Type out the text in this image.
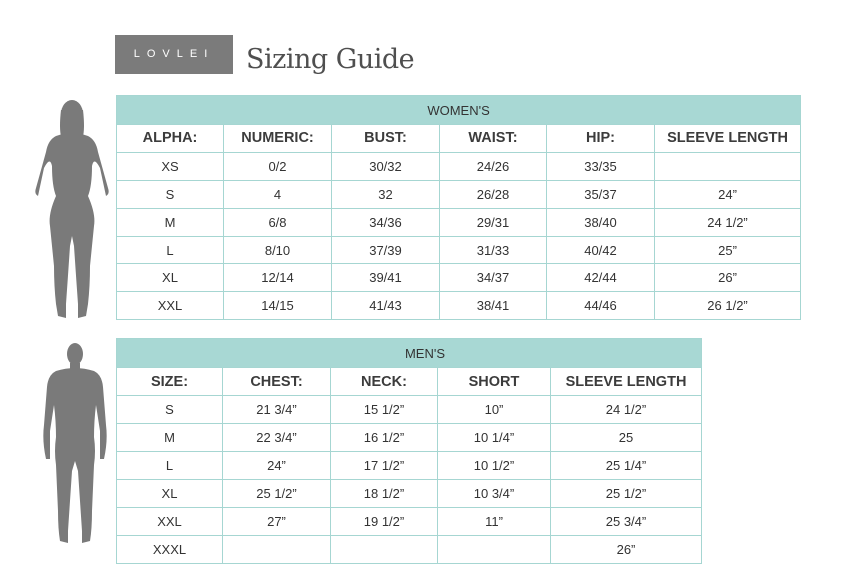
LOVLEI	Sizing Guide
WOMEN'S					
ALPHA:	NUMERIC:	BUST:	WAIST:	HIP:	SLEEVE LENGTH
XS	0/2	30/32	24/26	33/35	
S	4	32	26/28	35/37	24”
M	6/8	34/36	29/31	38/40	24 1/2”
L	8/10	37/39	31/33	40/42	25”
XL	12/14	39/41	34/37	42/44	26”
XXL	14/15	41/43	38/41	44/46	26 1/2”
MEN'S				
SIZE:	CHEST:	NECK:	SHORT	SLEEVE LENGTH
S	21 3/4”	15 1/2”	10”	24 1/2”
M	22 3/4”	16 1/2”	10 1/4”	25
L	24”	17 1/2”	10 1/2”	25 1/4”
XL	25 1/2”	18 1/2”	10 3/4”	25 1/2”
XXL	27”	19 1/2”	11”	25 3/4”
XXXL				26”
